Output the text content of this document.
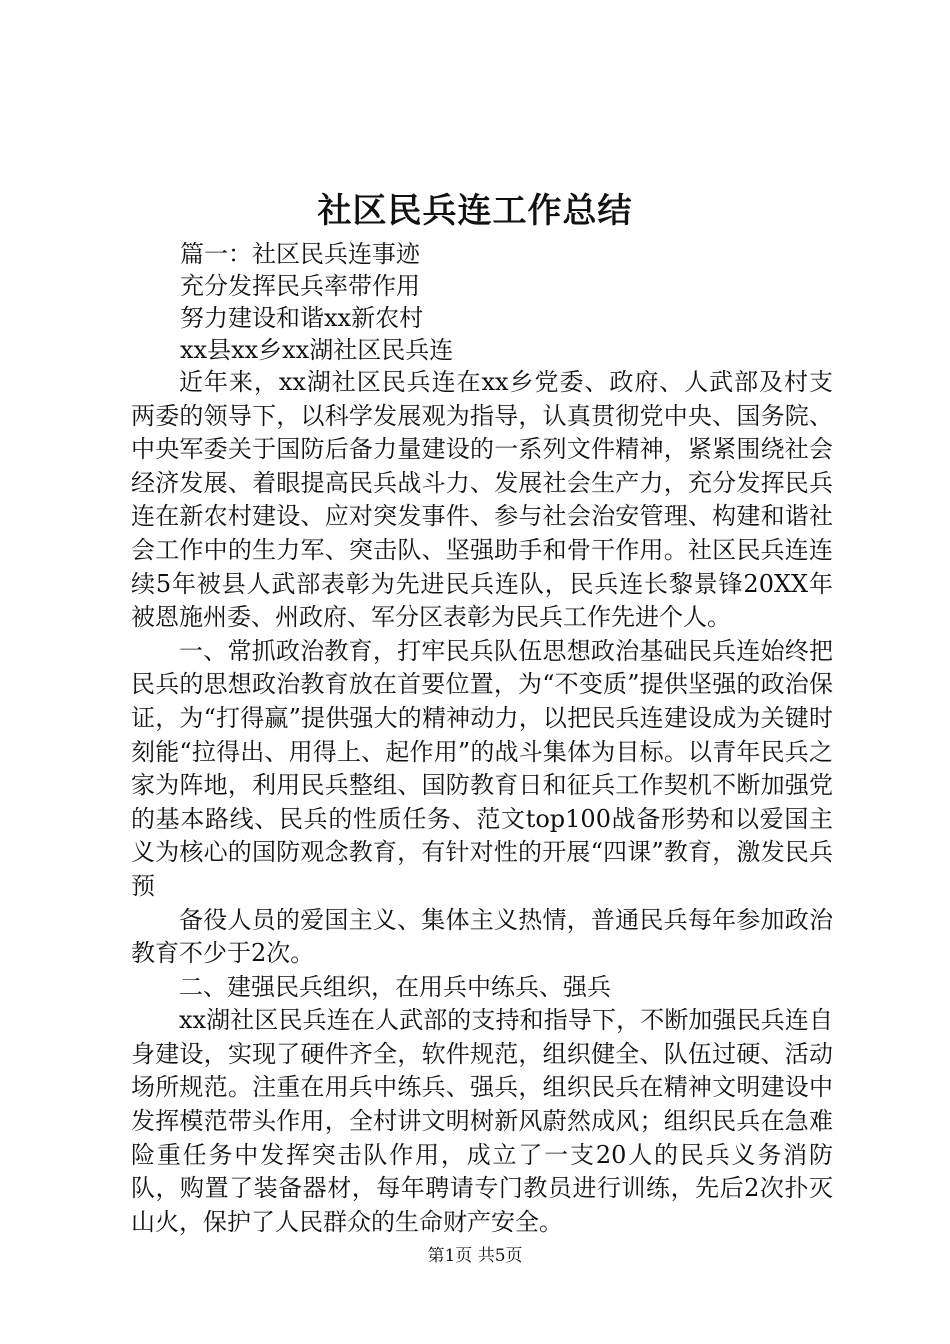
社区民兵连工作总结
篇一：社区民兵连事迹
充分发挥民兵率带作用
努力建设和谐xx新农村
xx县xx乡xx湖社区民兵连

近年来，xx湖社区民兵连在xx乡党委、政府、人武部及村支两委的领导下，以科学发展观为指导，认真贯彻党中央、国务院、中央军委关于国防后备力量建设的一系列文件精神，紧紧围绕社会经济发展、着眼提高民兵战斗力、发展社会生产力，充分发挥民兵连在新农村建设、应对突发事件、参与社会治安管理、构建和谐社会工作中的生力军、突击队、坚强助手和骨干作用。社区民兵连连续5年被县人武部表彰为先进民兵连队，民兵连长黎景锋20XX年被恩施州委、州政府、军分区表彰为民兵工作先进个人。

一、常抓政治教育，打牢民兵队伍思想政治基础民兵连始终把民兵的思想政治教育放在首要位置，为“不变质”提供坚强的政治保证，为“打得赢”提供强大的精神动力，以把民兵连建设成为关键时刻能“拉得出、用得上、起作用”的战斗集体为目标。以青年民兵之家为阵地，利用民兵整组、国防教育日和征兵工作契机不断加强党的基本路线、民兵的性质任务、范文top100战备形势和以爱国主义为核心的国防观念教育，有针对性的开展“四课”教育，激发民兵预

备役人员的爱国主义、集体主义热情，普通民兵每年参加政治教育不少于2次。

二、建强民兵组织，在用兵中练兵、强兵

xx湖社区民兵连在人武部的支持和指导下，不断加强民兵连自身建设，实现了硬件齐全，软件规范，组织健全、队伍过硬、活动场所规范。注重在用兵中练兵、强兵，组织民兵在精神文明建设中发挥模范带头作用，全村讲文明树新风蔚然成风；组织民兵在急难险重任务中发挥突击队作用，成立了一支20人的民兵义务消防队，购置了装备器材，每年聘请专门教员进行训练，先后2次扑灭山火，保护了人民群众的生命财产安全。

第1页 共5页
